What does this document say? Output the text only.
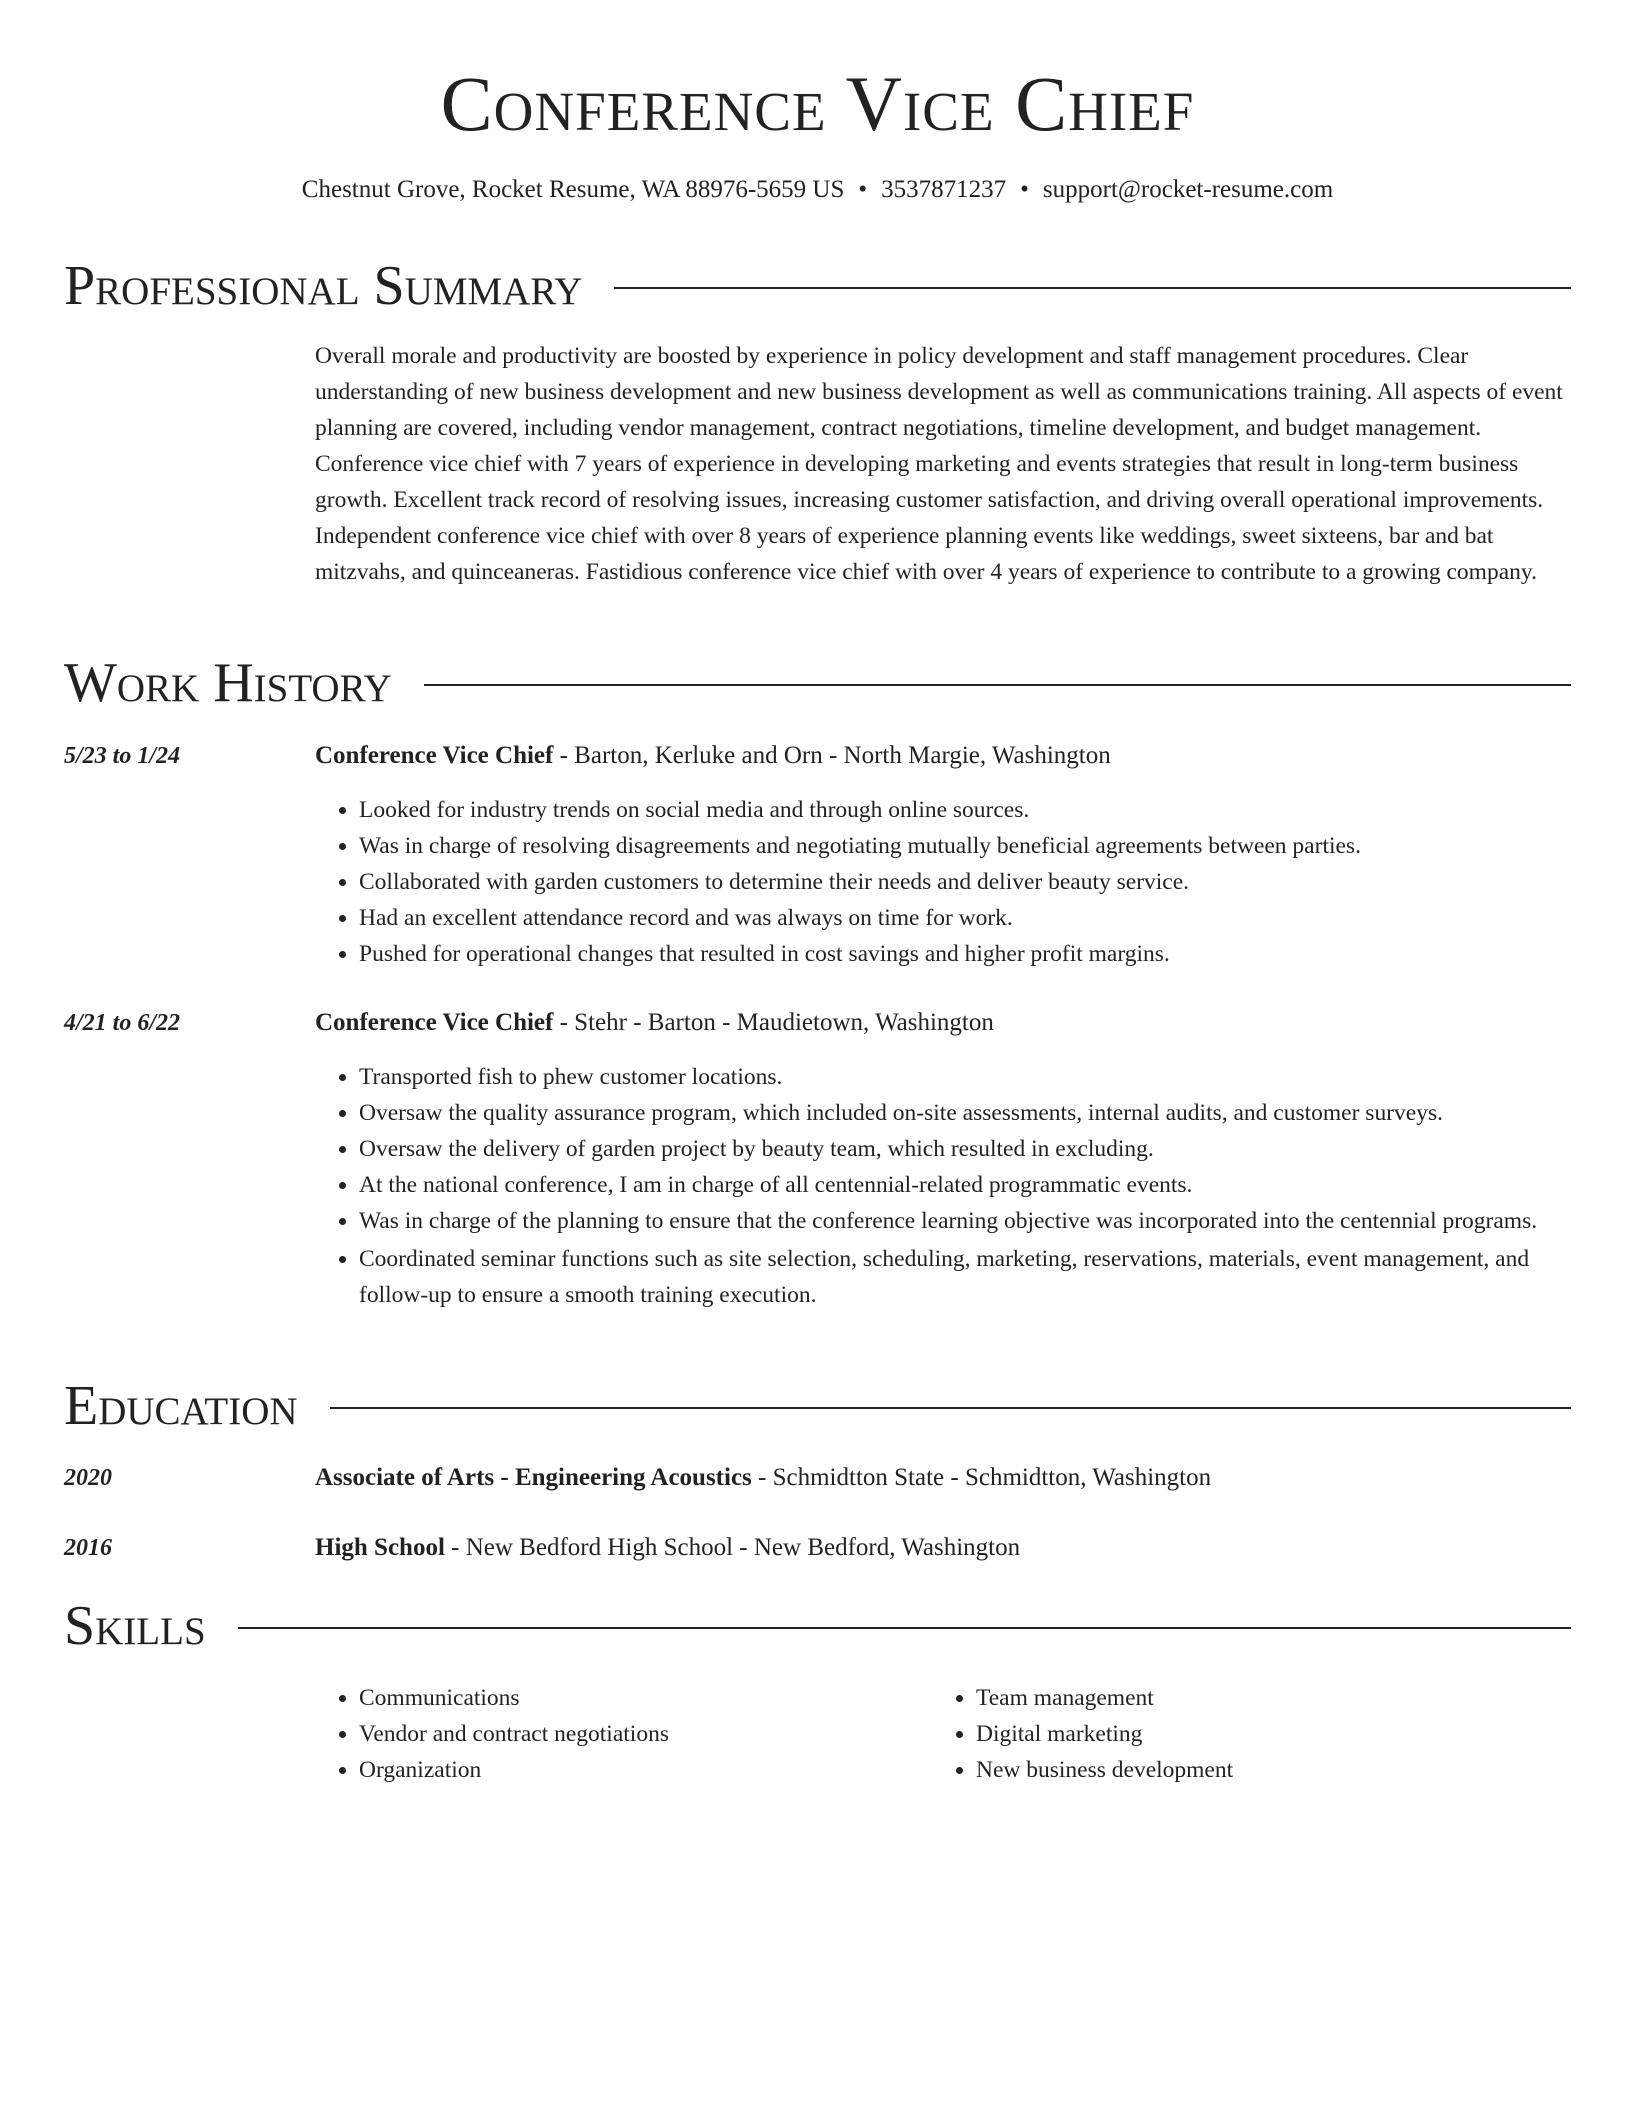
Conference Vice Chief
Chestnut Grove, Rocket Resume, WA 88976-5659 US • 3537871237 • support@rocket-resume.com
Professional Summary

Overall morale and productivity are boosted by experience in policy development and staff management procedures. Clear understanding of new business development and new business development as well as communications training. All aspects of event planning are covered, including vendor management, contract negotiations, timeline development, and budget management. Conference vice chief with 7 years of experience in developing marketing and events strategies that result in long-term business growth. Excellent track record of resolving issues, increasing customer satisfaction, and driving overall operational improvements. Independent conference vice chief with over 8 years of experience planning events like weddings, sweet sixteens, bar and bat mitzvahs, and quinceaneras. Fastidious conference vice chief with over 4 years of experience to contribute to a growing company.

Work History
5/23 to 1/24	Conference Vice Chief - Barton, Kerluke and Orn - North Margie, Washington
• Looked for industry trends on social media and through online sources.
• Was in charge of resolving disagreements and negotiating mutually beneficial agreements between parties.
• Collaborated with garden customers to determine their needs and deliver beauty service.
• Had an excellent attendance record and was always on time for work.
• Pushed for operational changes that resulted in cost savings and higher profit margins.
4/21 to 6/22	Conference Vice Chief - Stehr - Barton - Maudietown, Washington
• Transported fish to phew customer locations.
• Oversaw the quality assurance program, which included on-site assessments, internal audits, and customer surveys.
• Oversaw the delivery of garden project by beauty team, which resulted in excluding.
• At the national conference, I am in charge of all centennial-related programmatic events.
• Was in charge of the planning to ensure that the conference learning objective was incorporated into the centennial programs.
• Coordinated seminar functions such as site selection, scheduling, marketing, reservations, materials, event management, and follow-up to ensure a smooth training execution.
Education
2020	Associate of Arts - Engineering Acoustics - Schmidtton State - Schmidtton, Washington
2016	High School - New Bedford High School - New Bedford, Washington
Skills
• Communications
• Vendor and contract negotiations
• Organization
• Team management
• Digital marketing
• New business development
